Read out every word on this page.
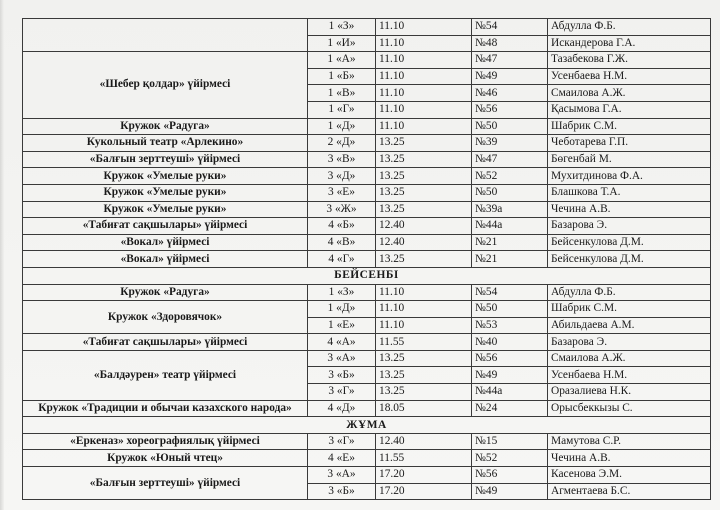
	1 «З»	11.10	№54	Абдулла Ф.Б.
	1 «И»	11.10	№48	Искандерова Г.А.
«Шебер қолдар» үйірмесі	1 «А»	11.10	№47	Тазабекова Г.Ж.
	1 «Б»	11.10	№49	Усенбаева Н.М.
	1 «В»	11.10	№46	Смаилова А.Ж.
	1 «Г»	11.10	№56	Қасымова Г.А.
Кружок «Радуга»	1 «Д»	11.10	№50	Шабрик С.М.
Кукольный театр «Арлекино»	2 «Д»	13.25	№39	Чеботарева Г.П.
«Балғын зерттеуші» үйірмесі	3 «В»	13.25	№47	Бөгенбай М.
Кружок «Умелые руки»	3 «Д»	13.25	№52	Мухитдинова Ф.А.
Кружок «Умелые руки»	3 «Е»	13.25	№50	Блашкова Т.А.
Кружок «Умелые руки»	3 «Ж»	13.25	№39а	Чечина А.В.
«Табиғат сақшылары» үйірмесі	4 «Б»	12.40	№44а	Базарова Э.
«Вокал» үйірмесі	4 «В»	12.40	№21	Бейсенкулова Д.М.
«Вокал» үйірмесі	4 «Г»	13.25	№21	Бейсенкулова Д.М.
БЕЙСЕНБІ				
Кружок «Радуга»	1 «З»	11.10	№54	Абдулла Ф.Б.
Кружок «Здоровячок»	1 «Д»	11.10	№50	Шабрик С.М.
	1 «Е»	11.10	№53	Абильдаева А.М.
«Табиғат сақшылары» үйірмесі	4 «А»	11.55	№40	Базарова Э.
«Балдәурен» театр үйірмесі	3 «А»	13.25	№56	Смаилова А.Ж.
	3 «Б»	13.25	№49	Усенбаева Н.М.
	3 «Г»	13.25	№44а	Оразалиева Н.К.
Кружок «Традиции и обычаи казахского народа»	4 «Д»	18.05	№24	Орысбеккызы С.
ЖҰМА				
«Еркеназ» хореографиялық үйірмесі	3 «Г»	12.40	№15	Мамутова С.Р.
Кружок «Юный чтец»	4 «Е»	11.55	№52	Чечина А.В.
«Балғын зерттеуші» үйірмесі	3 «А»	17.20	№56	Касенова Э.М.
	3 «Б»	17.20	№49	Агментаева Б.С.
